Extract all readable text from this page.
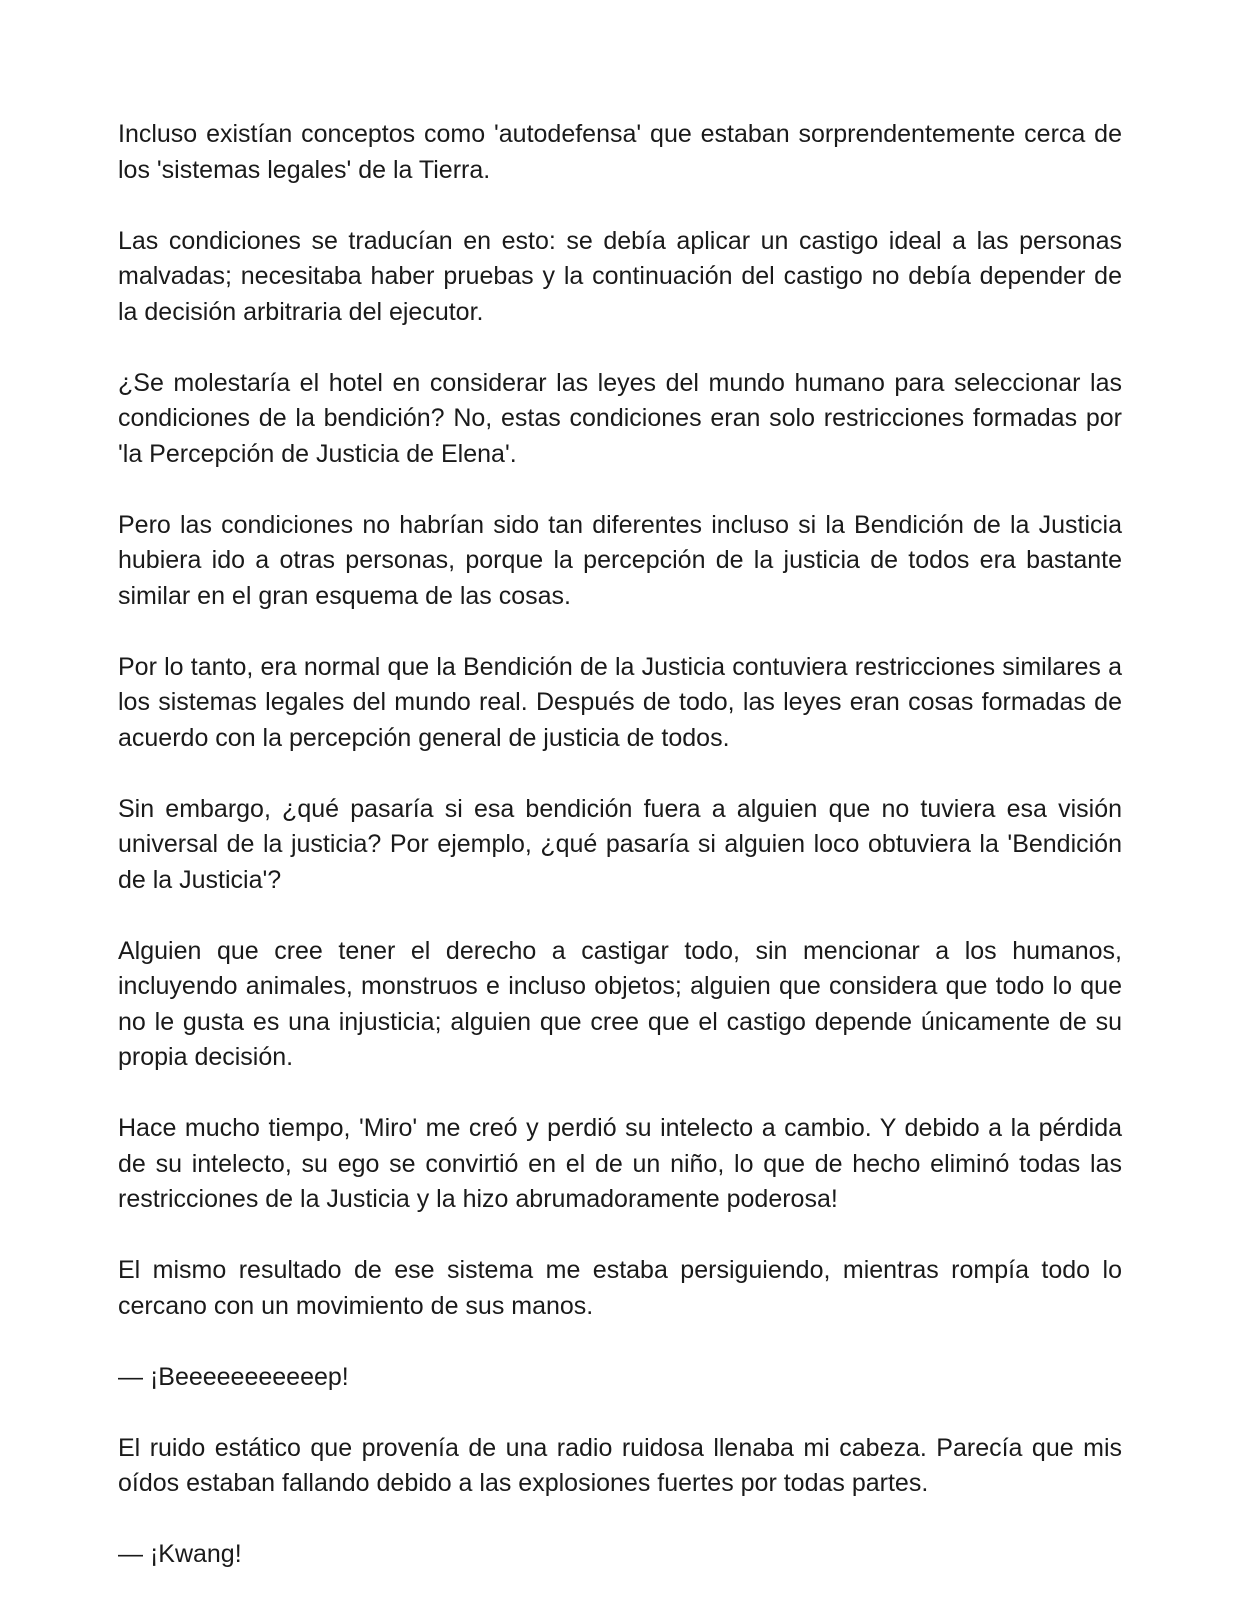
Incluso existían conceptos como 'autodefensa' que estaban sorprendentemente cerca de los 'sistemas legales' de la Tierra.

Las condiciones se traducían en esto: se debía aplicar un castigo ideal a las personas malvadas; necesitaba haber pruebas y la continuación del castigo no debía depender de la decisión arbitraria del ejecutor.

¿Se molestaría el hotel en considerar las leyes del mundo humano para seleccionar las condiciones de la bendición? No, estas condiciones eran solo restricciones formadas por 'la Percepción de Justicia de Elena'.

Pero las condiciones no habrían sido tan diferentes incluso si la Bendición de la Justicia hubiera ido a otras personas, porque la percepción de la justicia de todos era bastante similar en el gran esquema de las cosas.

Por lo tanto, era normal que la Bendición de la Justicia contuviera restricciones similares a los sistemas legales del mundo real. Después de todo, las leyes eran cosas formadas de acuerdo con la percepción general de justicia de todos.

Sin embargo, ¿qué pasaría si esa bendición fuera a alguien que no tuviera esa visión universal de la justicia? Por ejemplo, ¿qué pasaría si alguien loco obtuviera la 'Bendición de la Justicia'?

Alguien que cree tener el derecho a castigar todo, sin mencionar a los humanos, incluyendo animales, monstruos e incluso objetos; alguien que considera que todo lo que no le gusta es una injusticia; alguien que cree que el castigo depende únicamente de su propia decisión.

Hace mucho tiempo, 'Miro' me creó y perdió su intelecto a cambio. Y debido a la pérdida de su intelecto, su ego se convirtió en el de un niño, lo que de hecho eliminó todas las restricciones de la Justicia y la hizo abrumadoramente poderosa!

El mismo resultado de ese sistema me estaba persiguiendo, mientras rompía todo lo cercano con un movimiento de sus manos.

— ¡Beeeeeeeeeeep!

El ruido estático que provenía de una radio ruidosa llenaba mi cabeza. Parecía que mis oídos estaban fallando debido a las explosiones fuertes por todas partes.

— ¡Kwang!
